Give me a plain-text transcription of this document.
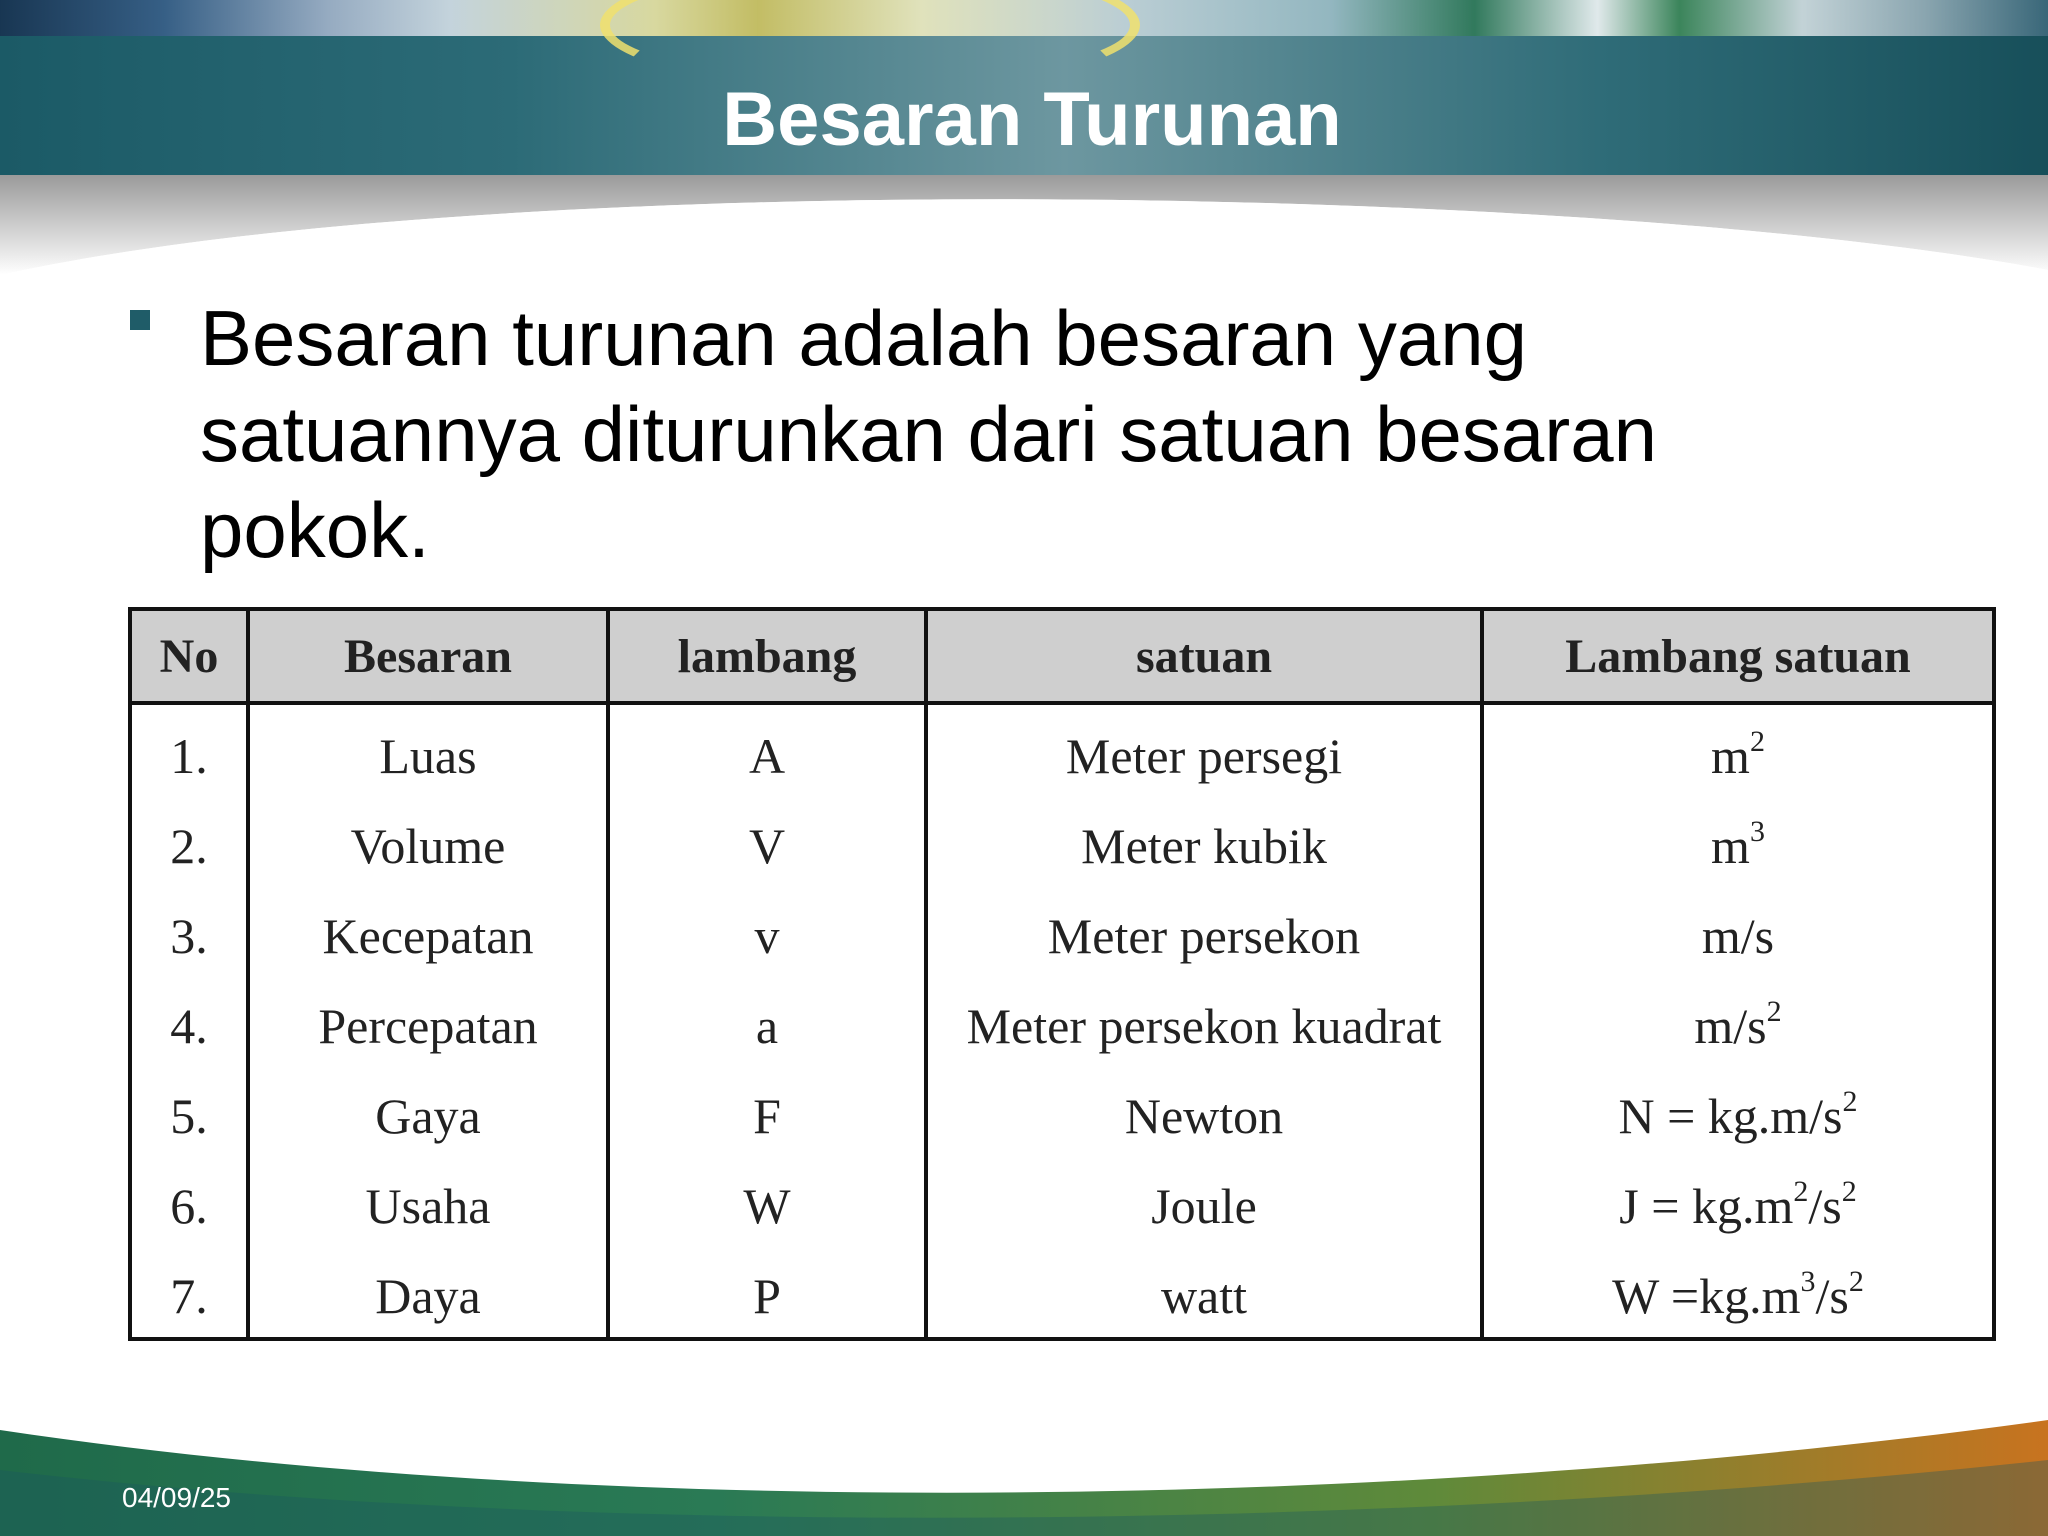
Besaran Turunan
Besaran turunan adalah besaran yang satuannya diturunkan dari satuan besaran pokok.
No	Besaran	lambang	satuan	Lambang satuan
1.	Luas	A	Meter persegi	$m^2$
2.	Volume	V	Meter kubik	$m^3$
3.	Kecepatan	v	Meter persekon	m/s
4.	Percepatan	a	Meter persekon kuadrat	$m/s^2$
5.	Gaya	F	Newton	$N = kg.m/s^2$
6.	Usaha	W	Joule	$J = kg.m^2/s^2$
7.	Daya	P	watt	$W =kg.m^3/s^2$
04/09/25
